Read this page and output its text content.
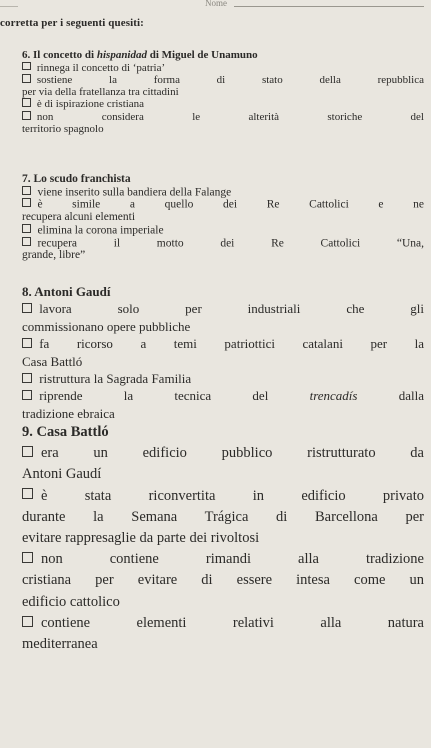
Nome
corretta per i seguenti quesiti:
6. Il concetto di hispanidad di Miguel de Unamuno
rinnega il concetto di ‘patria’
sostiene la forma di stato della repubblica
per via della fratellanza tra cittadini
è di ispirazione cristiana
non considera le alterità storiche del
territorio spagnolo
7. Lo scudo franchista
viene inserito sulla bandiera della Falange
è simile a quello dei Re Cattolici e ne
recupera alcuni elementi
elimina la corona imperiale
recupera il motto dei Re Cattolici “Una,
grande, libre”
8. Antoni Gaudí
lavora solo per industriali che gli
commissionano opere pubbliche
fa ricorso a temi patriottici catalani per la
Casa Battló
ristruttura la Sagrada Familia
riprende la tecnica del trencadís dalla
tradizione ebraica
9. Casa Battló
era un edificio pubblico ristrutturato da
Antoni Gaudí
è stata riconvertita in edificio privato
durante la Semana Trágica di Barcellona per
evitare rappresaglie da parte dei rivoltosi
non contiene rimandi alla tradizione
cristiana per evitare di essere intesa come un
edificio cattolico
contiene elementi relativi alla natura
mediterranea
